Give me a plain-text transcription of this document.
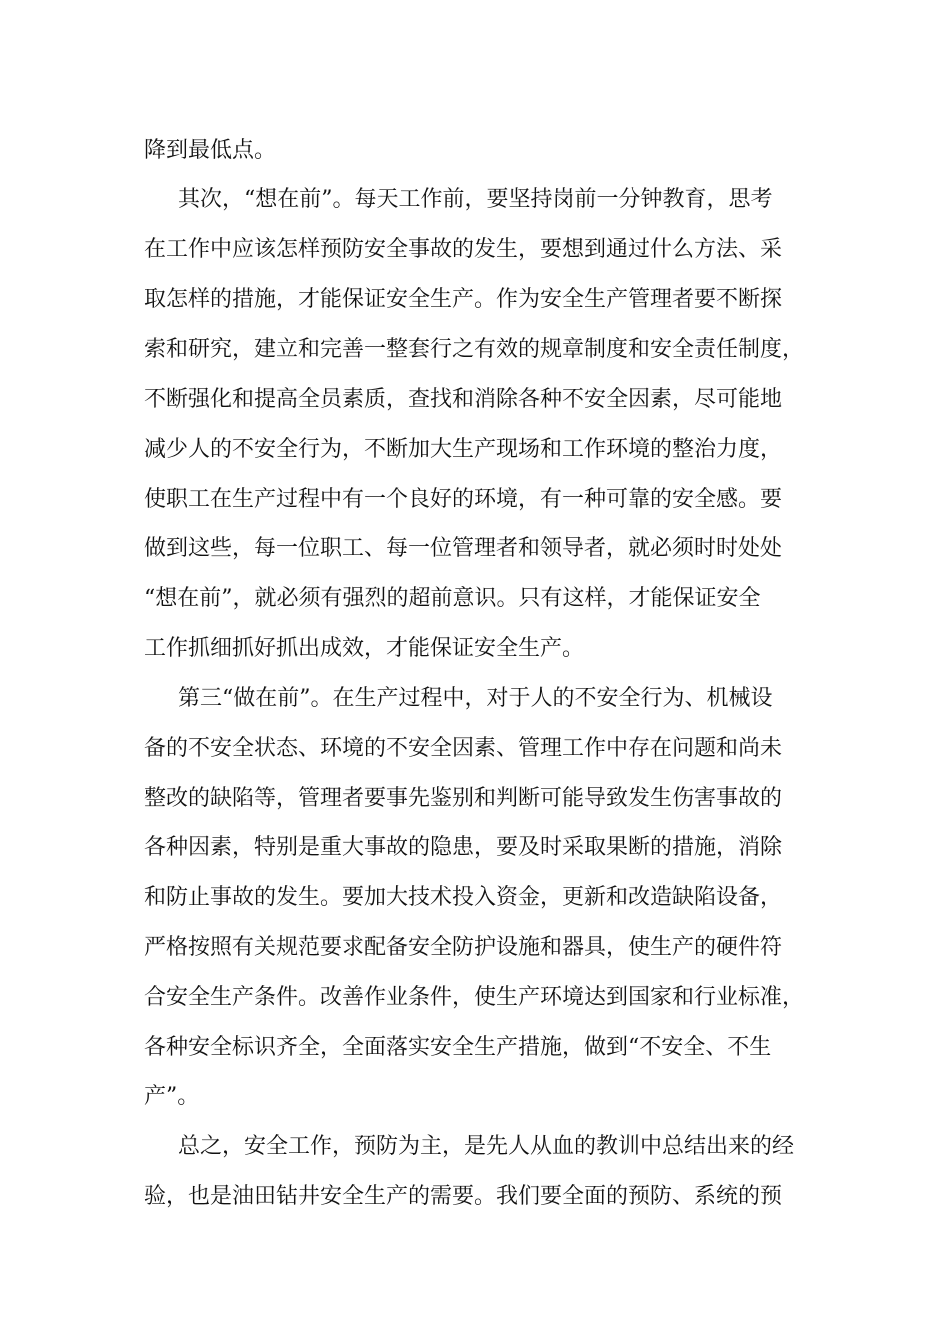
降到最低点。
其次，“想在前”。每天工作前，要坚持岗前一分钟教育，思考
在工作中应该怎样预防安全事故的发生，要想到通过什么方法、采
取怎样的措施，才能保证安全生产。作为安全生产管理者要不断探
索和研究，建立和完善一整套行之有效的规章制度和安全责任制度，
不断强化和提高全员素质，查找和消除各种不安全因素，尽可能地
减少人的不安全行为，不断加大生产现场和工作环境的整治力度，
使职工在生产过程中有一个良好的环境，有一种可靠的安全感。要
做到这些，每一位职工、每一位管理者和领导者，就必须时时处处
“想在前”，就必须有强烈的超前意识。只有这样，才能保证安全
工作抓细抓好抓出成效，才能保证安全生产。
第三“做在前”。在生产过程中，对于人的不安全行为、机械设
备的不安全状态、环境的不安全因素、管理工作中存在问题和尚未
整改的缺陷等，管理者要事先鉴别和判断可能导致发生伤害事故的
各种因素，特别是重大事故的隐患，要及时采取果断的措施，消除
和防止事故的发生。要加大技术投入资金，更新和改造缺陷设备，
严格按照有关规范要求配备安全防护设施和器具，使生产的硬件符
合安全生产条件。改善作业条件，使生产环境达到国家和行业标准，
各种安全标识齐全，全面落实安全生产措施，做到“不安全、不生
产”。
总之，安全工作，预防为主，是先人从血的教训中总结出来的经
验，也是油田钻井安全生产的需要。我们要全面的预防、系统的预
